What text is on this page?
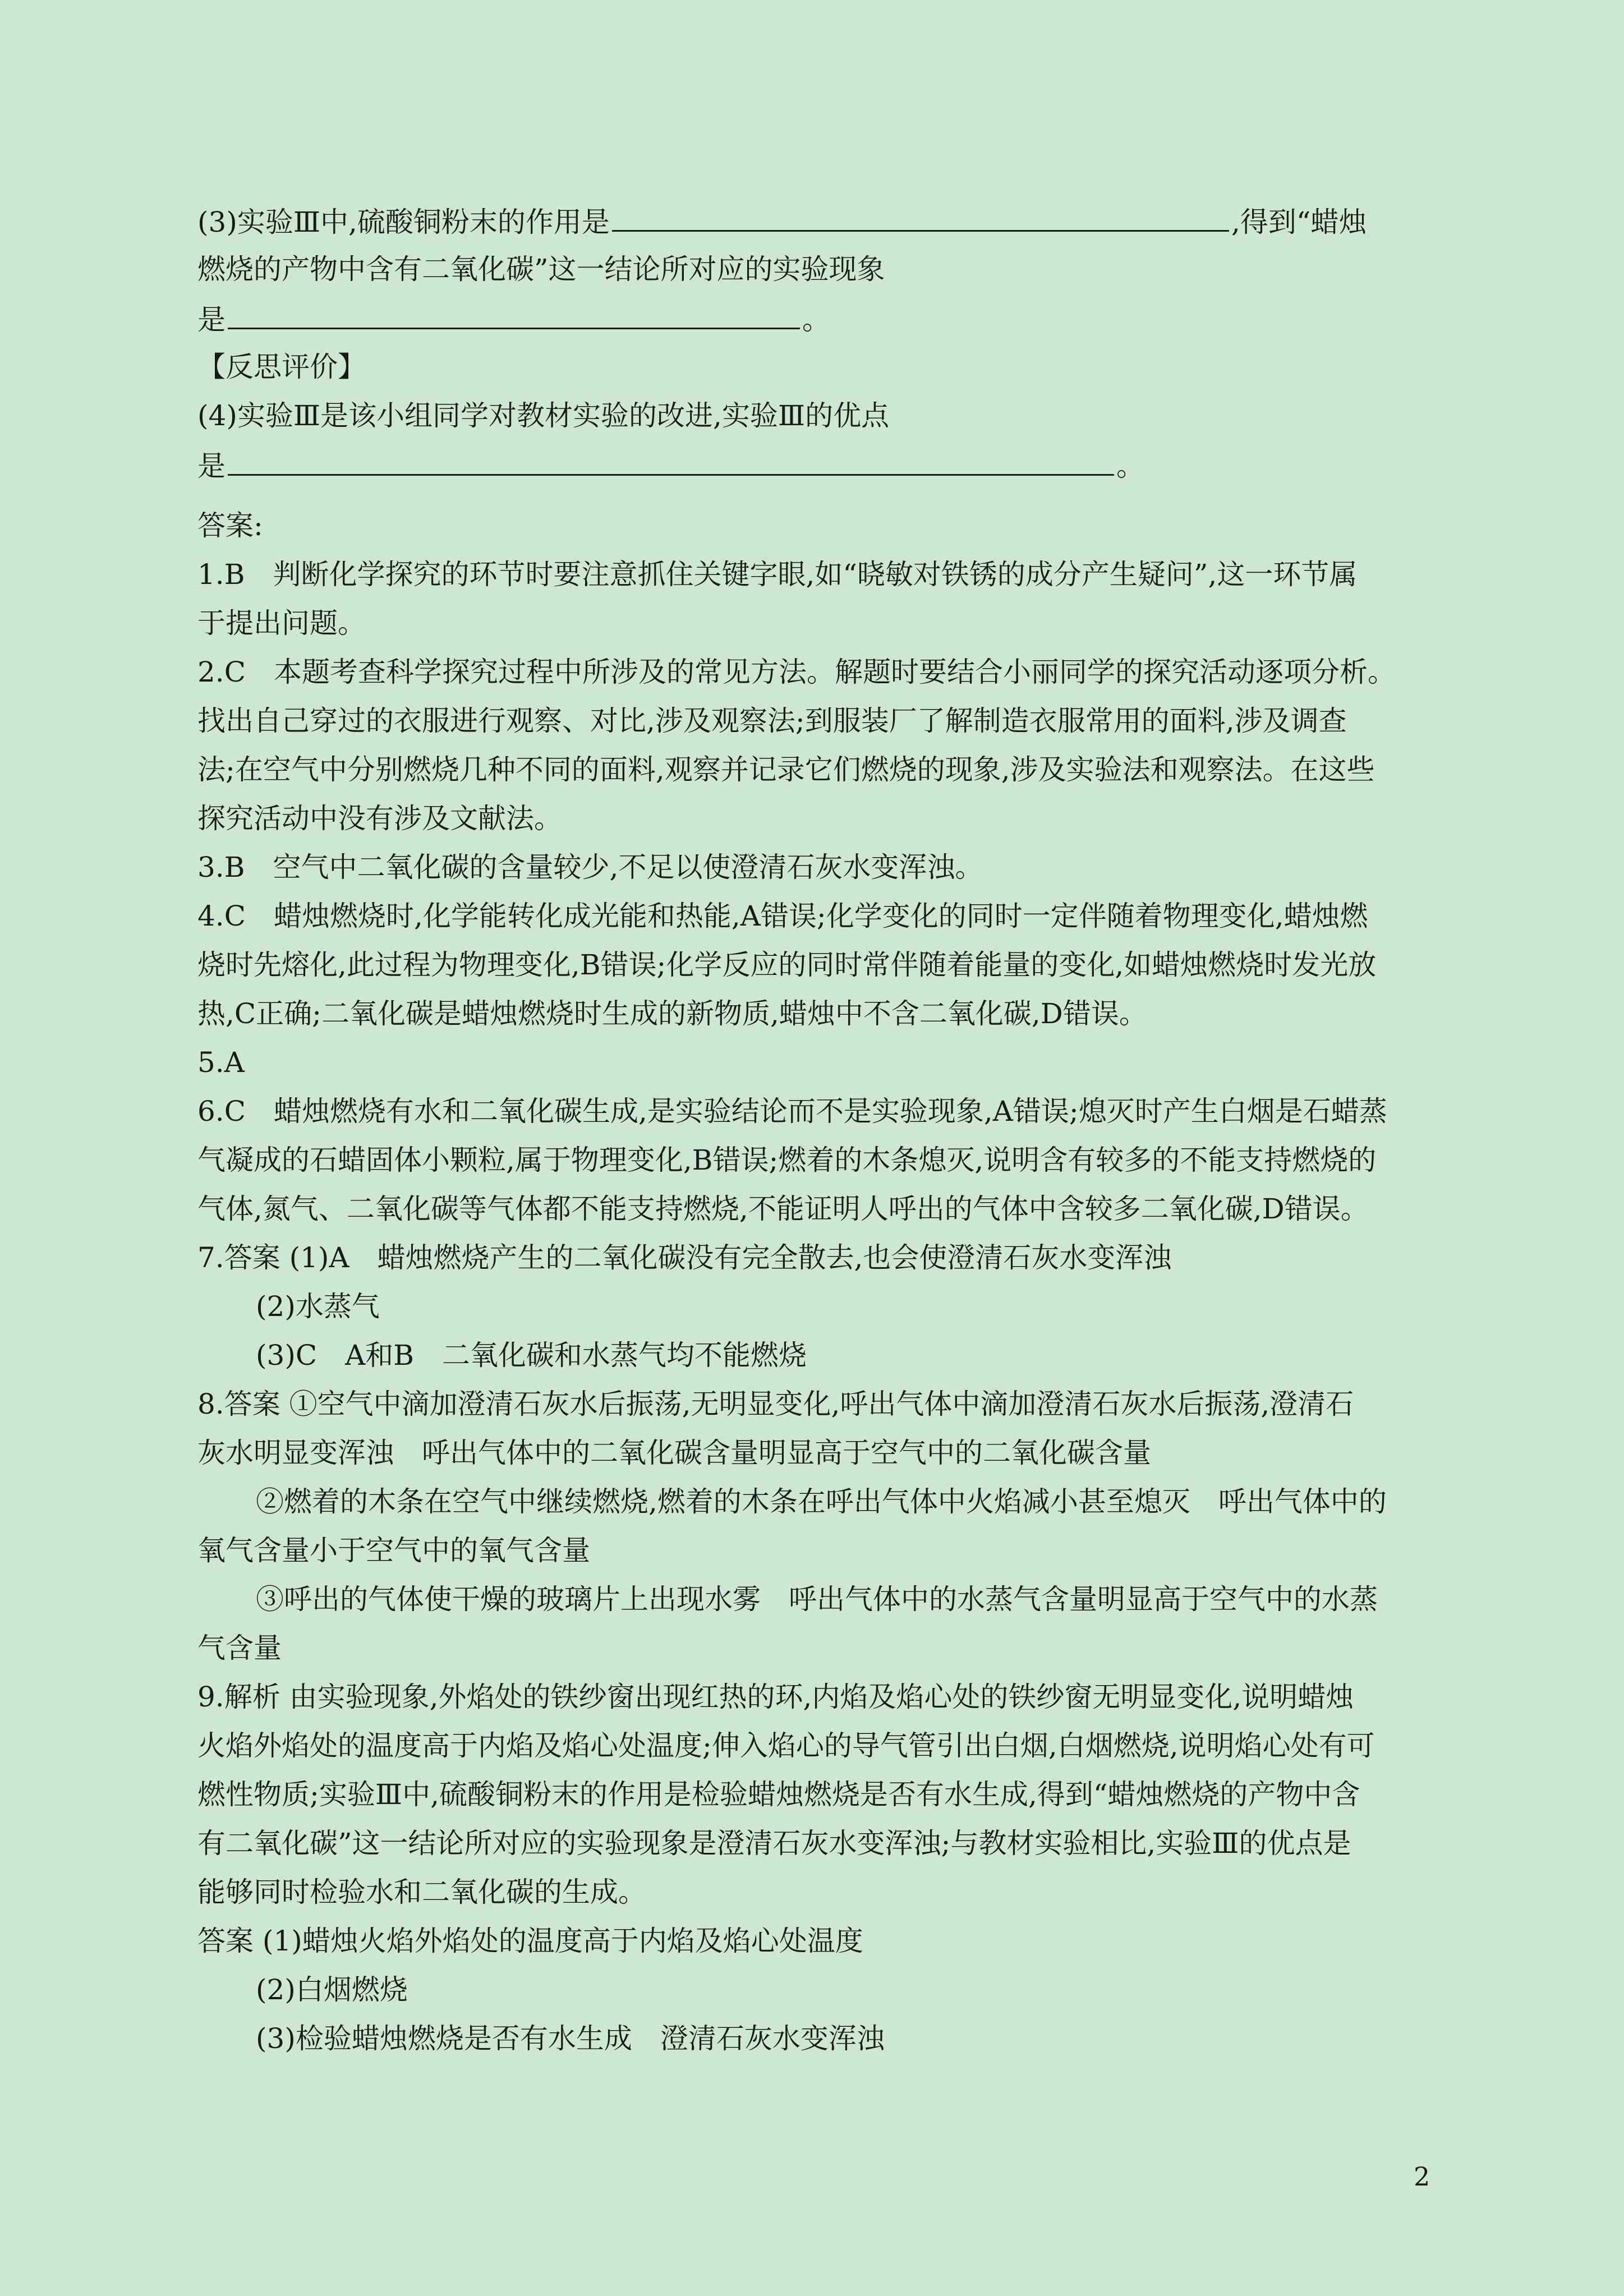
(3)实验Ⅲ中,硫酸铜粉末的作用是	,得到“蜡烛
燃烧的产物中含有二氧化碳”这一结论所对应的实验现象
是	。
【反思评价】
(4)实验Ⅲ是该小组同学对教材实验的改进,实验Ⅲ的优点
是	。
答案:
1.B　判断化学探究的环节时要注意抓住关键字眼,如“晓敏对铁锈的成分产生疑问”,这一环节属
于提出问题。
2.C　本题考查科学探究过程中所涉及的常见方法。解题时要结合小丽同学的探究活动逐项分析。
找出自己穿过的衣服进行观察、对比,涉及观察法;到服装厂了解制造衣服常用的面料,涉及调查
法;在空气中分别燃烧几种不同的面料,观察并记录它们燃烧的现象,涉及实验法和观察法。在这些
探究活动中没有涉及文献法。
3.B　空气中二氧化碳的含量较少,不足以使澄清石灰水变浑浊。
4.C　蜡烛燃烧时,化学能转化成光能和热能,A错误;化学变化的同时一定伴随着物理变化,蜡烛燃
烧时先熔化,此过程为物理变化,B错误;化学反应的同时常伴随着能量的变化,如蜡烛燃烧时发光放
热,C正确;二氧化碳是蜡烛燃烧时生成的新物质,蜡烛中不含二氧化碳,D错误。
5.A
6.C　蜡烛燃烧有水和二氧化碳生成,是实验结论而不是实验现象,A错误;熄灭时产生白烟是石蜡蒸
气凝成的石蜡固体小颗粒,属于物理变化,B错误;燃着的木条熄灭,说明含有较多的不能支持燃烧的
气体,氮气、二氧化碳等气体都不能支持燃烧,不能证明人呼出的气体中含较多二氧化碳,D错误。
7.答案 (1)A　蜡烛燃烧产生的二氧化碳没有完全散去,也会使澄清石灰水变浑浊
(2)水蒸气
(3)C　A和B　二氧化碳和水蒸气均不能燃烧
8.答案 ①空气中滴加澄清石灰水后振荡,无明显变化,呼出气体中滴加澄清石灰水后振荡,澄清石
灰水明显变浑浊　呼出气体中的二氧化碳含量明显高于空气中的二氧化碳含量
②燃着的木条在空气中继续燃烧,燃着的木条在呼出气体中火焰减小甚至熄灭　呼出气体中的
氧气含量小于空气中的氧气含量
③呼出的气体使干燥的玻璃片上出现水雾　呼出气体中的水蒸气含量明显高于空气中的水蒸
气含量
9.解析 由实验现象,外焰处的铁纱窗出现红热的环,内焰及焰心处的铁纱窗无明显变化,说明蜡烛
火焰外焰处的温度高于内焰及焰心处温度;伸入焰心的导气管引出白烟,白烟燃烧,说明焰心处有可
燃性物质;实验Ⅲ中,硫酸铜粉末的作用是检验蜡烛燃烧是否有水生成,得到“蜡烛燃烧的产物中含
有二氧化碳”这一结论所对应的实验现象是澄清石灰水变浑浊;与教材实验相比,实验Ⅲ的优点是
能够同时检验水和二氧化碳的生成。
答案 (1)蜡烛火焰外焰处的温度高于内焰及焰心处温度
(2)白烟燃烧
(3)检验蜡烛燃烧是否有水生成　澄清石灰水变浑浊
2
